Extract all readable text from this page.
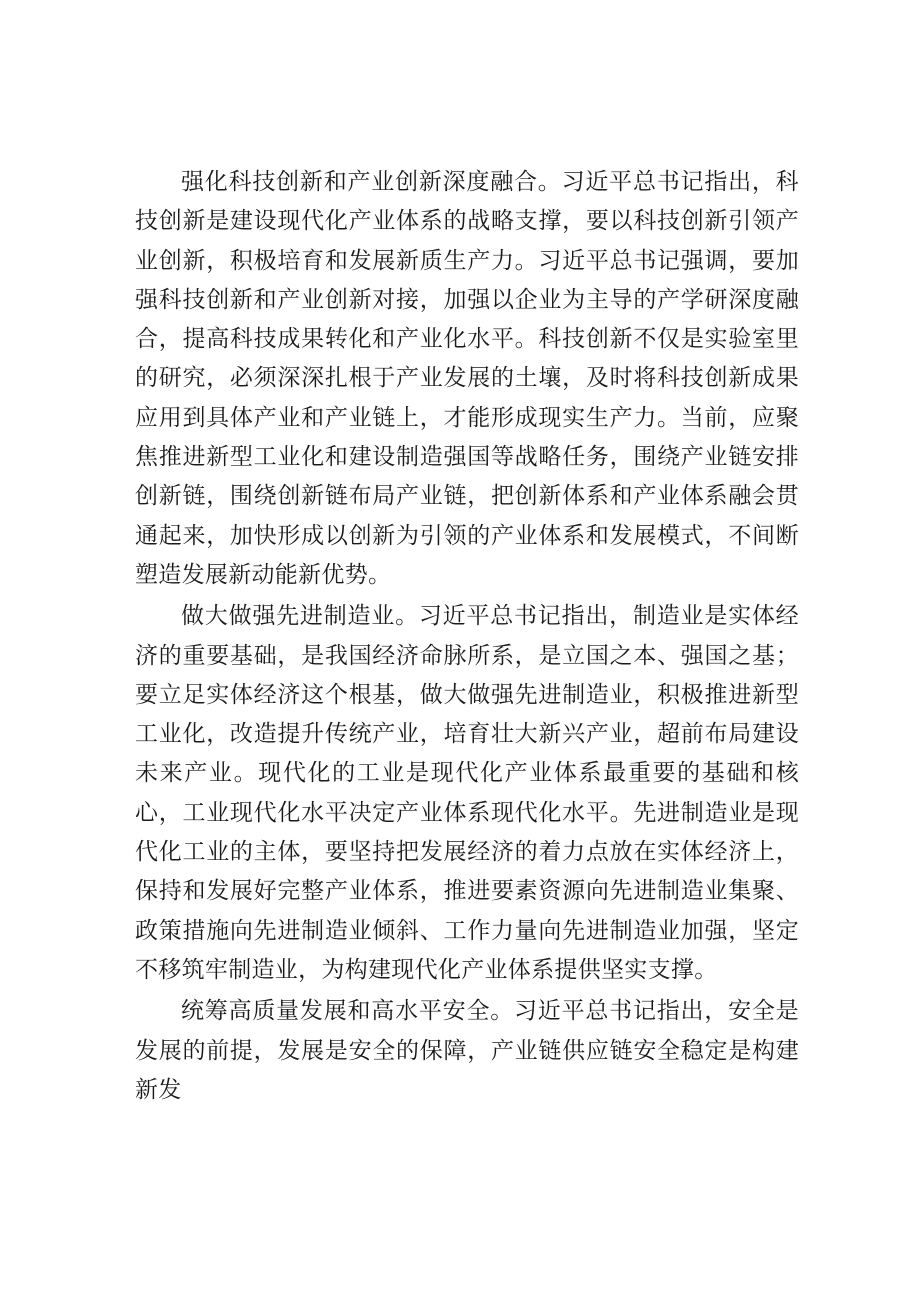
强化科技创新和产业创新深度融合。习近平总书记指出，科技创新是建设现代化产业体系的战略支撑，要以科技创新引领产业创新，积极培育和发展新质生产力。习近平总书记强调，要加强科技创新和产业创新对接，加强以企业为主导的产学研深度融合，提高科技成果转化和产业化水平。科技创新不仅是实验室里的研究，必须深深扎根于产业发展的土壤，及时将科技创新成果应用到具体产业和产业链上，才能形成现实生产力。当前，应聚焦推进新型工业化和建设制造强国等战略任务，围绕产业链安排创新链，围绕创新链布局产业链，把创新体系和产业体系融会贯通起来，加快形成以创新为引领的产业体系和发展模式，不间断塑造发展新动能新优势。

做大做强先进制造业。习近平总书记指出，制造业是实体经济的重要基础，是我国经济命脉所系，是立国之本、强国之基；要立足实体经济这个根基，做大做强先进制造业，积极推进新型工业化，改造提升传统产业，培育壮大新兴产业，超前布局建设未来产业。现代化的工业是现代化产业体系最重要的基础和核心，工业现代化水平决定产业体系现代化水平。先进制造业是现代化工业的主体，要坚持把发展经济的着力点放在实体经济上，保持和发展好完整产业体系，推进要素资源向先进制造业集聚、政策措施向先进制造业倾斜、工作力量向先进制造业加强，坚定不移筑牢制造业，为构建现代化产业体系提供坚实支撑。

统筹高质量发展和高水平安全。习近平总书记指出，安全是发展的前提，发展是安全的保障，产业链供应链安全稳定是构建新发
